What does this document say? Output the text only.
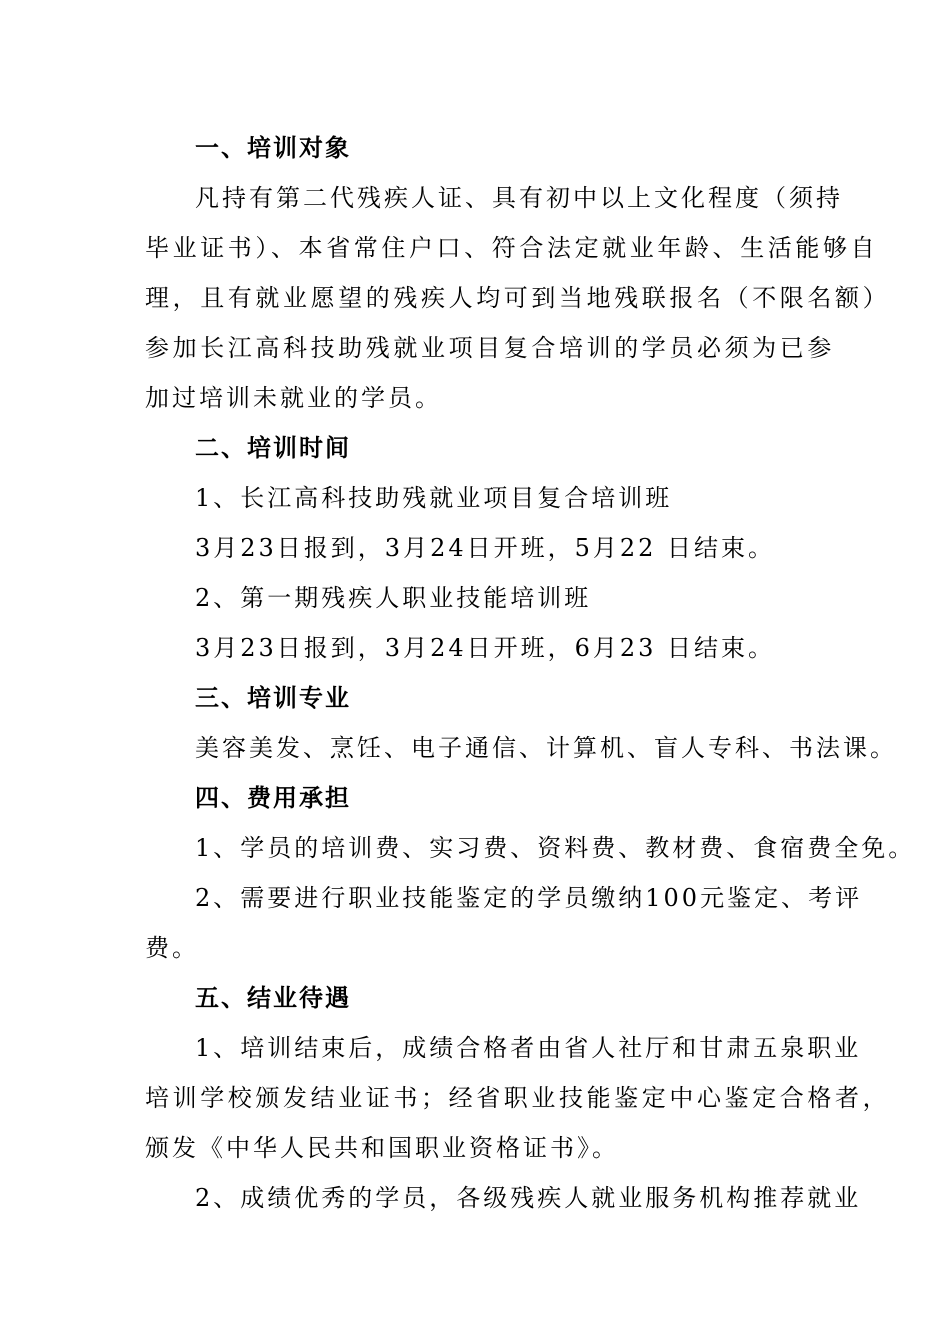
一、培训对象
凡持有第二代残疾人证、具有初中以上文化程度（须持
毕业证书）、本省常住户口、符合法定就业年龄、生活能够自
理，且有就业愿望的残疾人均可到当地残联报名（不限名额）
参加长江高科技助残就业项目复合培训的学员必须为已参
加过培训未就业的学员。
二、培训时间
1、长江高科技助残就业项目复合培训班
3月23日报到，3月24日开班，5月22 日结束。
2、第一期残疾人职业技能培训班
3月23日报到，3月24日开班，6月23 日结束。
三、培训专业
美容美发、烹饪、电子通信、计算机、盲人专科、书法课。
四、费用承担
1、学员的培训费、实习费、资料费、教材费、食宿费全免。
2、需要进行职业技能鉴定的学员缴纳100元鉴定、考评
费。
五、结业待遇
1、培训结束后，成绩合格者由省人社厅和甘肃五泉职业
培训学校颁发结业证书；经省职业技能鉴定中心鉴定合格者，
颁发《中华人民共和国职业资格证书》。
2、成绩优秀的学员，各级残疾人就业服务机构推荐就业
